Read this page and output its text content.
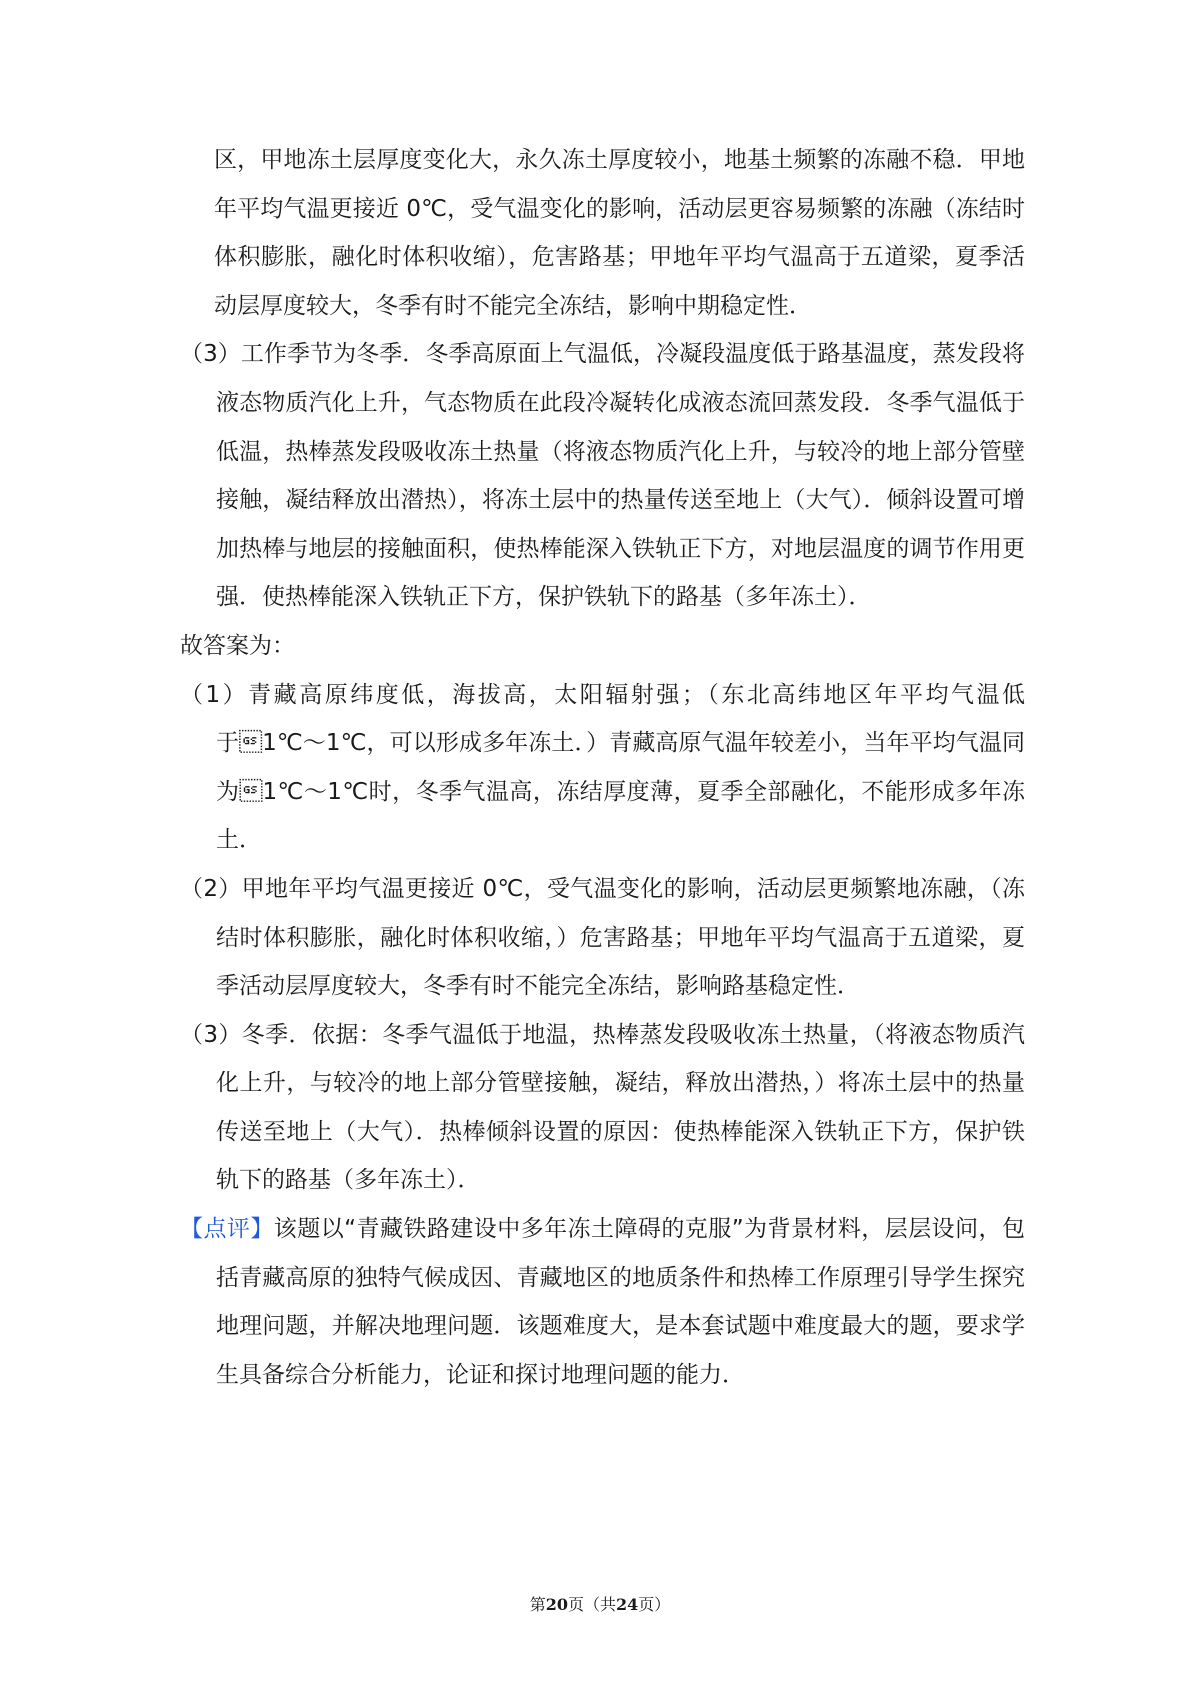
区，甲地冻土层厚度变化大，永久冻土厚度较小，地基土频繁的冻融不稳．甲地年平均气温更接近 0℃，受气温变化的影响，活动层更容易频繁的冻融（冻结时体积膨胀，融化时体积收缩），危害路基；甲地年平均气温高于五道梁，夏季活动层厚度较大，冬季有时不能完全冻结，影响中期稳定性．

（3）工作季节为冬季．冬季高原面上气温低，冷凝段温度低于路基温度，蒸发段将液态物质汽化上升，气态物质在此段冷凝转化成液态流回蒸发段．冬季气温低于低温，热棒蒸发段吸收冻土热量（将液态物质汽化上升，与较冷的地上部分管壁接触，凝结释放出潜热），将冻土层中的热量传送至地上（大气）．倾斜设置可增加热棒与地层的接触面积，使热棒能深入铁轨正下方，对地层温度的调节作用更强．使热棒能深入铁轨正下方，保护铁轨下的路基（多年冻土）．

故答案为：

（1）青藏高原纬度低，海拔高，太阳辐射强；（东北高纬地区年平均气温低于1℃～1℃，可以形成多年冻土．）青藏高原气温年较差小，当年平均气温同为1℃～1℃时，冬季气温高，冻结厚度薄，夏季全部融化，不能形成多年冻土．

（2）甲地年平均气温更接近 0℃，受气温变化的影响，活动层更频繁地冻融，（冻结时体积膨胀，融化时体积收缩，）危害路基；甲地年平均气温高于五道梁，夏季活动层厚度较大，冬季有时不能完全冻结，影响路基稳定性．

（3）冬季．依据：冬季气温低于地温，热棒蒸发段吸收冻土热量，（将液态物质汽化上升，与较冷的地上部分管壁接触，凝结，释放出潜热，）将冻土层中的热量传送至地上（大气）．热棒倾斜设置的原因：使热棒能深入铁轨正下方，保护铁轨下的路基（多年冻土）．

【点评】该题以“青藏铁路建设中多年冻土障碍的克服”为背景材料，层层设问，包括青藏高原的独特气候成因、青藏地区的地质条件和热棒工作原理引导学生探究地理问题，并解决地理问题．该题难度大，是本套试题中难度最大的题，要求学生具备综合分析能力，论证和探讨地理问题的能力．

第20页（共24页）
